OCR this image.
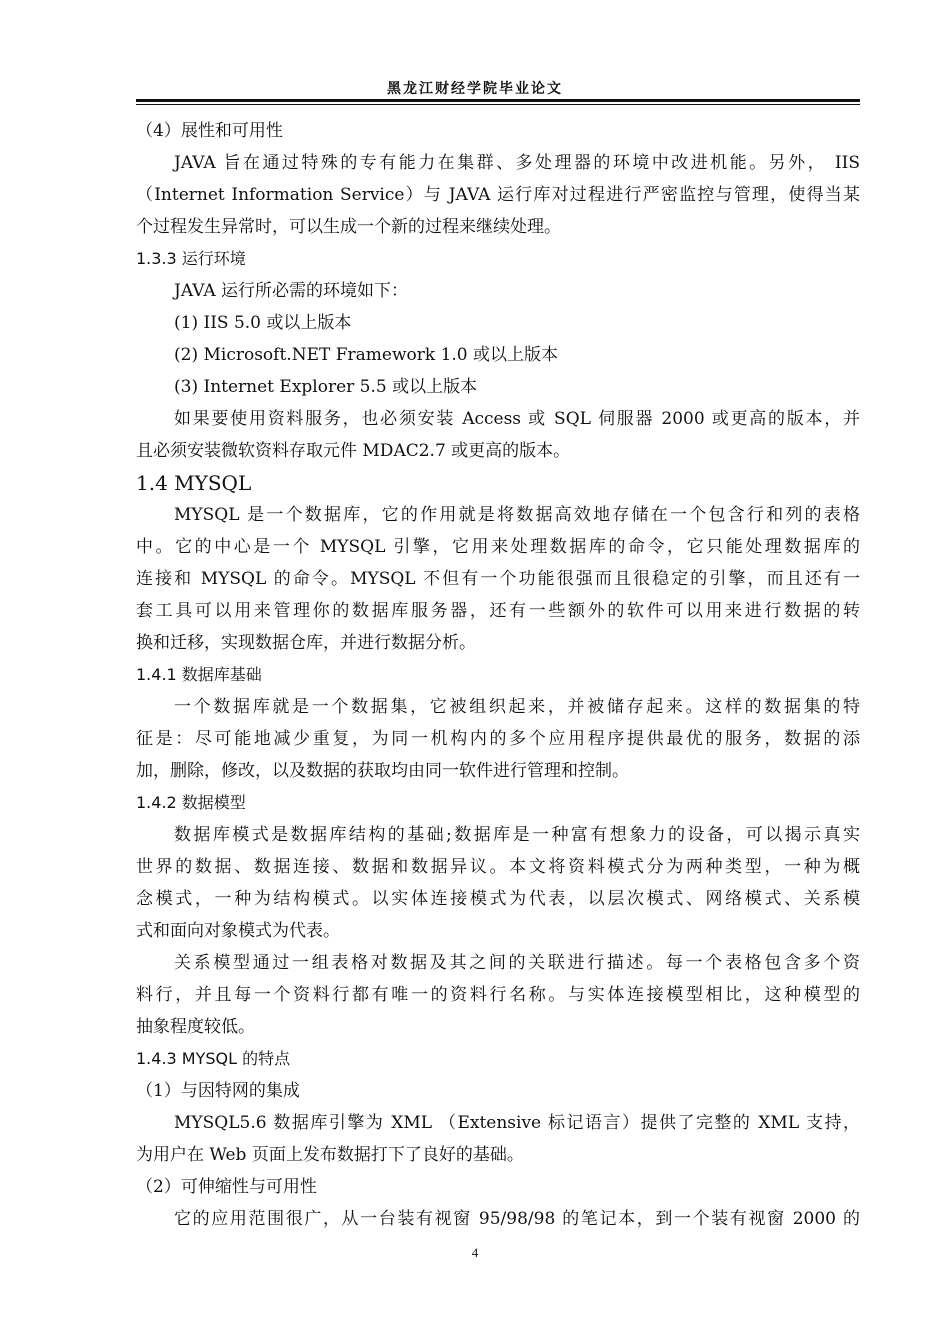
黑龙江财经学院毕业论文
（4）展性和可用性
JAVA 旨在通过特殊的专有能力在集群、多处理器的环境中改进机能。另外， IIS
（Internet Information Service）与 JAVA 运行库对过程进行严密监控与管理，使得当某
个过程发生异常时，可以生成一个新的过程来继续处理。
1.3.3 运行环境
JAVA 运行所必需的环境如下：
(1) IIS 5.0 或以上版本
(2) Microsoft.NET Framework 1.0 或以上版本
(3) Internet Explorer 5.5 或以上版本
如果要使用资料服务，也必须安装 Access 或 SQL 伺服器 2000 或更高的版本，并
且必须安装微软资料存取元件 MDAC2.7 或更高的版本。
1.4 MYSQL
MYSQL 是一个数据库，它的作用就是将数据高效地存储在一个包含行和列的表格
中。它的中心是一个 MYSQL 引擎，它用来处理数据库的命令，它只能处理数据库的
连接和 MYSQL 的命令。MYSQL 不但有一个功能很强而且很稳定的引擎，而且还有一
套工具可以用来管理你的数据库服务器，还有一些额外的软件可以用来进行数据的转
换和迁移，实现数据仓库，并进行数据分析。
1.4.1 数据库基础
一个数据库就是一个数据集，它被组织起来，并被储存起来。这样的数据集的特
征是：尽可能地减少重复，为同一机构内的多个应用程序提供最优的服务，数据的添
加，删除，修改，以及数据的获取均由同一软件进行管理和控制。
1.4.2 数据模型
数据库模式是数据库结构的基础;数据库是一种富有想象力的设备，可以揭示真实
世界的数据、数据连接、数据和数据异议。本文将资料模式分为两种类型，一种为概
念模式，一种为结构模式。以实体连接模式为代表，以层次模式、网络模式、关系模
式和面向对象模式为代表。
关系模型通过一组表格对数据及其之间的关联进行描述。每一个表格包含多个资
料行，并且每一个资料行都有唯一的资料行名称。与实体连接模型相比，这种模型的
抽象程度较低。
1.4.3 MYSQL 的特点
（1）与因特网的集成
MYSQL5.6 数据库引擎为 XML （Extensive 标记语言）提供了完整的 XML 支持，
为用户在 Web 页面上发布数据打下了良好的基础。
（2）可伸缩性与可用性
它的应用范围很广，从一台装有视窗 95/98/98 的笔记本，到一个装有视窗 2000 的
4
